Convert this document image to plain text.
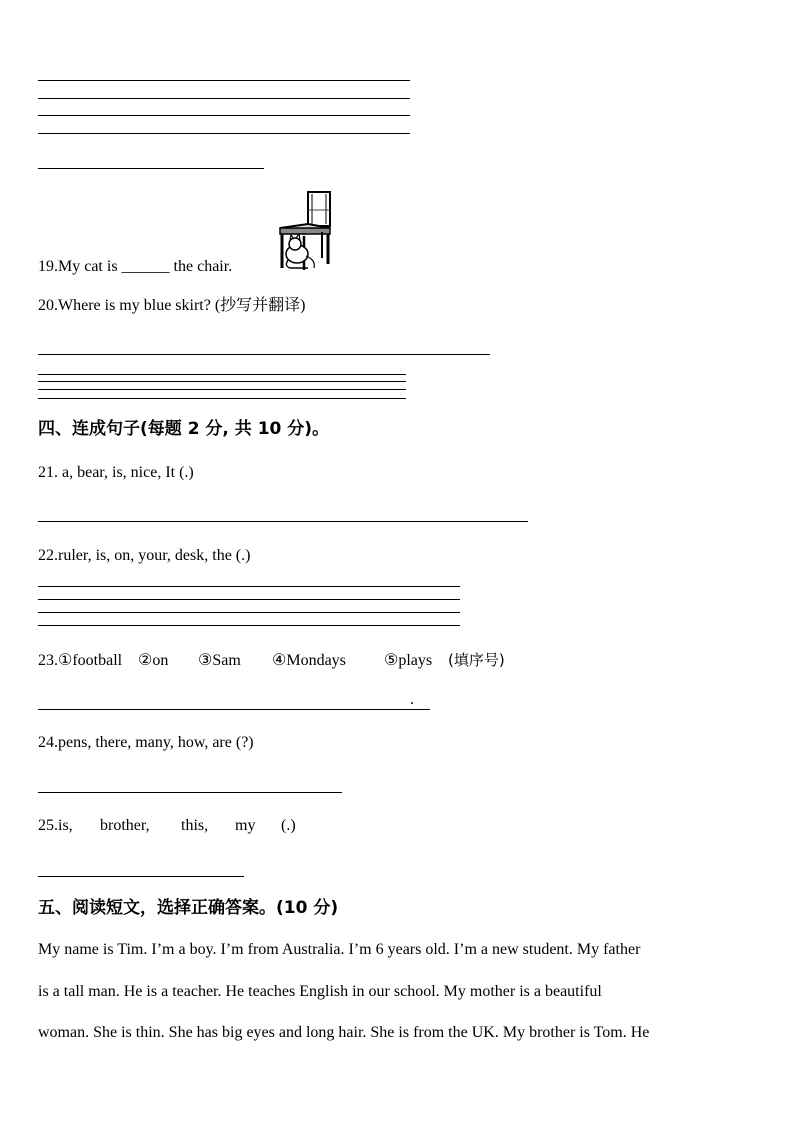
19.My cat is ______ the chair.
20.Where is my blue skirt? (抄写并翻译)
四、连成句子(每题 2 分, 共 10 分)。
21. a, bear, is, nice, It (.)
22.ruler, is, on, your, desk, the (.)
23.①football ②on ③Sam ④Mondays ⑤plays (填序号)
.
24.pens, there, many, how, are (?)
25.is, brother, this, my (.)
五、阅读短文，选择正确答案。(10 分)
My name is Tim. I’m a boy. I’m from Australia. I’m 6 years old. I’m a new student. My father
is a tall man. He is a teacher. He teaches English in our school. My mother is a beautiful
woman. She is thin. She has big eyes and long hair. She is from the UK. My brother is Tom. He
